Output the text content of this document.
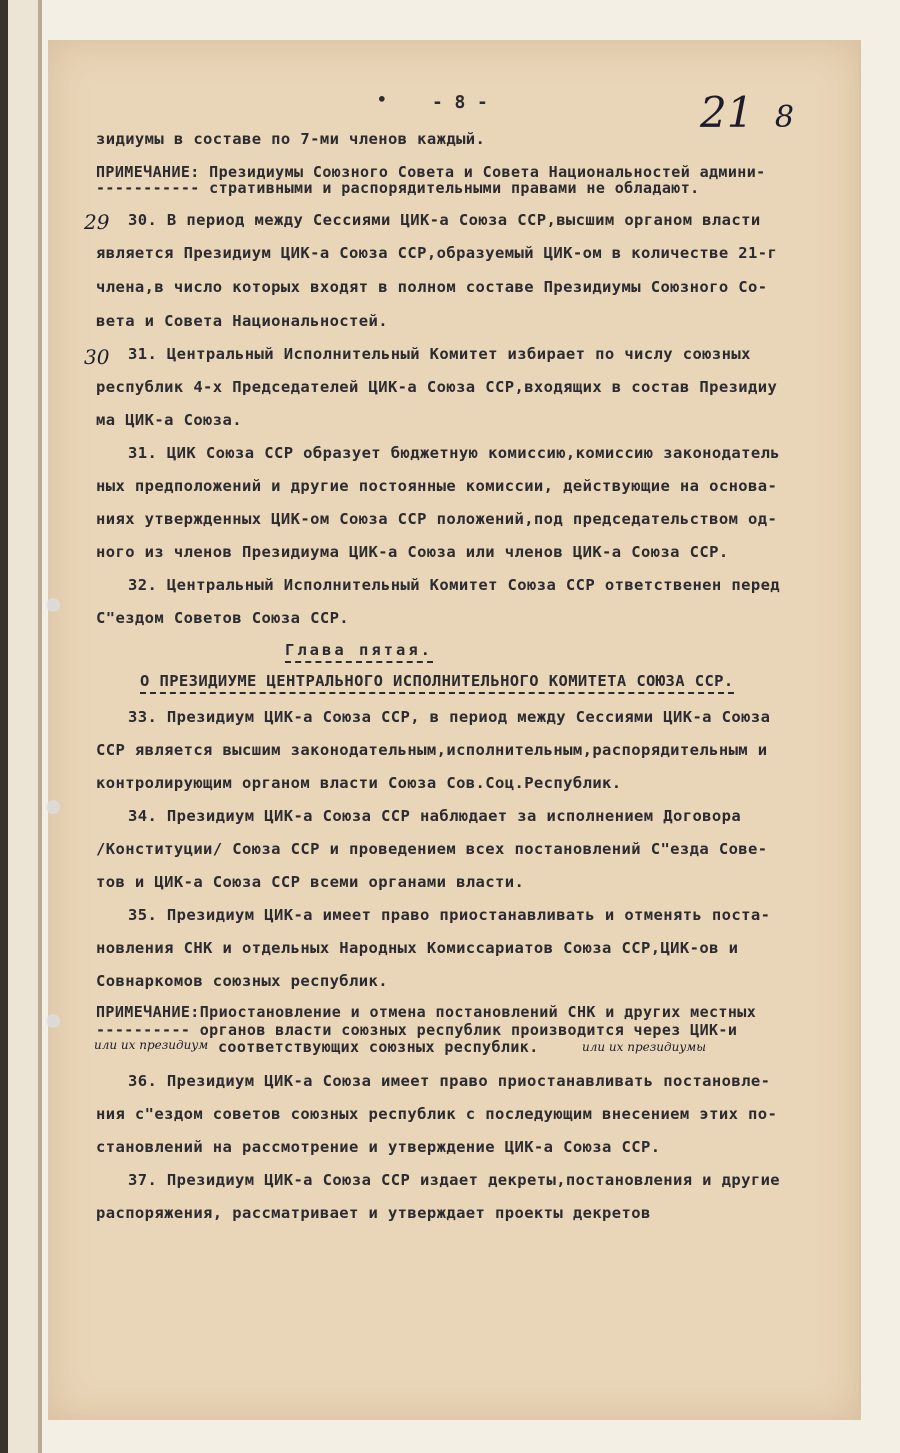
• - 8 -	21 8
зидиумы в составе по 7-ми членов каждый.
ПРИМЕЧАНИЕ: Президиумы Союзного Совета и Совета Национальностей админи-
----------- стративными и распорядительными правами не обладают.
29 30. В период между Сессиями ЦИК-а Союза ССР,высшим органом власти
является Президиум ЦИК-а Союза ССР,образуемый ЦИК-ом в количестве 21-г
члена,в число которых входят в полном составе Президиумы Союзного Со-
вета и Совета Национальностей.
30 31. Центральный Исполнительный Комитет избирает по числу союзных
республик 4-х Председателей ЦИК-а Союза ССР,входящих в состав Президиу
ма ЦИК-а Союза.
31. ЦИК Союза ССР образует бюджетную комиссию,комиссию законодатель
ных предположений и другие постоянные комиссии, действующие на основа-
ниях утвержденных ЦИК-ом Союза ССР положений,под председательством од-
ного из членов Президиума ЦИК-а Союза или членов ЦИК-а Союза ССР.
32. Центральный Исполнительный Комитет Союза ССР ответственен перед
С"ездом Советов Союза ССР.
Глава пятая.
О ПРЕЗИДИУМЕ ЦЕНТРАЛЬНОГО ИСПОЛНИТЕЛЬНОГО КОМИТЕТА СОЮЗА ССР.
33. Президиум ЦИК-а Союза ССР, в период между Сессиями ЦИК-а Союза
ССР является высшим законодательным,исполнительным,распорядительным и
контролирующим органом власти Союза Сов.Соц.Республик.
34. Президиум ЦИК-а Союза ССР наблюдает за исполнением Договора
/Конституции/ Союза ССР и проведением всех постановлений С"езда Сове-
тов и ЦИК-а Союза ССР всеми органами власти.
35. Президиум ЦИК-а имеет право приостанавливать и отменять поста-
новления СНК и отдельных Народных Комиссариатов Союза ССР,ЦИК-ов и
Совнаркомов союзных республик.
ПРИМЕЧАНИЕ:Приостановление и отмена постановлений СНК и других местных
---------- органов власти союзных республик производится через ЦИК-и
или их президиум соответствующих союзных республик.	или их президиумы
36. Президиум ЦИК-а Союза имеет право приостанавливать постановле-
ния с"ездом советов союзных республик с последующим внесением этих по-
становлений на рассмотрение и утверждение ЦИК-а Союза ССР.
37. Президиум ЦИК-а Союза ССР издает декреты,постановления и другие
распоряжения, рассматривает и утверждает проекты декретов
